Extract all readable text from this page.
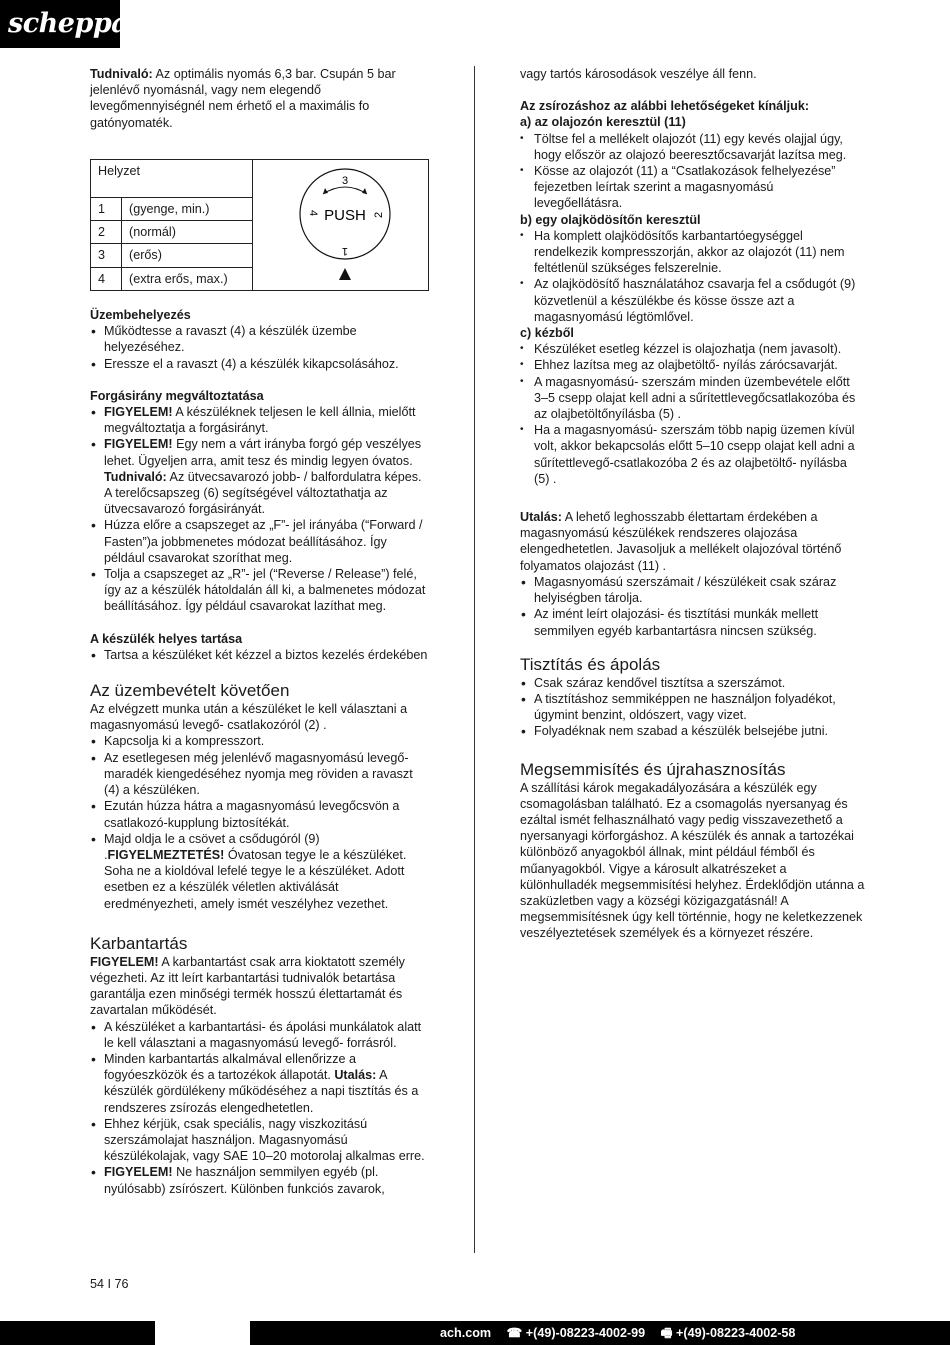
scheppach

Tudnivaló: Az optimális nyomás 6,3 bar. Csupán 5 bar jelenlévő nyomásnál, vagy nem elegendő levegőmennyiségnél nem érhető el a maximális fo gatónyomaték.

Helyzet		3
PUSH
4 2
1

1	(gyenge, min.)	
2	(normál)	
3	(erős)	
4	(extra erős, max.)	

Üzembehelyezés

• Működtesse a ravaszt (4) a készülék üzembe helyezéséhez.
• Eressze el a ravaszt (4) a készülék kikapcsolásához.

Forgásirány megváltoztatása

• FIGYELEM! A készüléknek teljesen le kell állnia, mielőtt megváltoztatja a forgásirányt.
• FIGYELEM! Egy nem a várt irányba forgó gép veszélyes lehet. Ügyeljen arra, amit tesz és mindig legyen óvatos. Tudnivaló: Az ütvecsavarozó jobb- / balfordulatra képes. A terelőcsapszeg (6) segítségével változtathatja az ütvecsavarozó forgásirányát.
• Húzza előre a csapszeget az „F”- jel irányába (“Forward / Fasten”)a jobbmenetes módozat beállításához. Így például csavarokat szoríthat meg.
• Tolja a csapszeget az „R”- jel (“Reverse / Release”) felé, így az a készülék hátoldalán áll ki, a balmenetes módozat beállításához. Így például csavarokat lazíthat meg.

A készülék helyes tartása

• Tartsa a készüléket két kézzel a biztos kezelés érdekében

Az üzembevételt követően

Az elvégzett munka után a készüléket le kell választani a magasnyomású levegő- csatlakozóról (2) .

• Kapcsolja ki a kompresszort.
• Az esetlegesen még jelenlévő magasnyomású levegő-maradék kiengedéséhez nyomja meg röviden a ravaszt (4) a készüléken.
• Ezután húzza hátra a magasnyomású levegőcsvön a csatlakozó-kupplung biztosítékát.
• Majd oldja le a csövet a csődugóról (9) .FIGYELMEZTETÉS! Óvatosan tegye le a készüléket. Soha ne a kioldóval lefelé tegye le a készüléket. Adott esetben ez a készülék véletlen aktiválását eredményezheti, amely ismét veszélyhez vezethet.

Karbantartás

FIGYELEM! A karbantartást csak arra kioktatott személy végezheti. Az itt leírt karbantartási tudnivalók betartása garantálja ezen minőségi termék hosszú élettartamát és zavartalan működését.

• A készüléket a karbantartási- és ápolási munkálatok alatt le kell választani a magasnyomású levegő- forrásról.
• Minden karbantartás alkalmával ellenőrizze a fogyóeszközök és a tartozékok állapotát. Utalás: A készülék gördülékeny működéséhez a napi tisztítás és a rendszeres zsírozás elengedhetetlen.
• Ehhez kérjük, csak speciális, nagy viszkozitású szerszámolajat használjon. Magasnyomású készülékolajak, vagy SAE 10–20 motorolaj alkalmas erre.
• FIGYELEM! Ne használjon semmilyen egyéb (pl. nyúlósabb) zsírószert. Különben funkciós zavarok,

vagy tartós károsodások veszélye áll fenn.

Az zsírozáshoz az alábbi lehetőségeket kínáljuk:

a) az olajozón keresztül (11)

• Töltse fel a mellékelt olajozót (11) egy kevés olajjal úgy, hogy először az olajozó beeresztőcsavarját lazítsa meg.
• Kösse az olajozót (11) a “Csatlakozások felhelyezése” fejezetben leírtak szerint a magasnyomású levegőellátásra.

b) egy olajködösítőn keresztül

• Ha komplett olajködösítős karbantartóegységgel rendelkezik kompresszorján, akkor az olajozót (11) nem feltétlenül szükséges felszerelnie.
• Az olajködösítő használatához csavarja fel a csődugót (9) közvetlenül a készülékbe és kösse össze azt a magasnyomású légtömlővel.

c) kézből

• Készüléket esetleg kézzel is olajozhatja (nem javasolt).
• Ehhez lazítsa meg az olajbetöltő- nyílás zárócsavarját.
• A magasnyomású- szerszám minden üzembevétele előtt 3–5 csepp olajat kell adni a sűrítettlevegőcsatlakozóba és az olajbetöltőnyílásba (5) .
• Ha a magasnyomású- szerszám több napig üzemen kívül volt, akkor bekapcsolás előtt 5–10 csepp olajat kell adni a sűrítettlevegő-csatlakozóba 2 és az olajbetöltő- nyílásba (5) .

Utalás: A lehető leghosszabb élettartam érdekében a magasnyomású készülékek rendszeres olajozása elengedhetetlen. Javasoljuk a mellékelt olajozóval történő folyamatos olajozást (11) .

• Magasnyomású szerszámait / készülékeit csak száraz helyiségben tárolja.
• Az imént leírt olajozási- és tisztítási munkák mellett semmilyen egyéb karbantartásra nincsen szükség.

Tisztítás és ápolás

• Csak száraz kendővel tisztítsa a szerszámot.
• A tisztításhoz semmiképpen ne használjon folyadékot, úgymint benzint, oldószert, vagy vizet.
• Folyadéknak nem szabad a készülék belsejébe jutni.

Megsemmisítés és újrahasznosítás

A szállítási károk megakadályozására a készülék egy csomagolásban található. Ez a csomagolás nyersanyag és ezáltal ismét felhasználható vagy pedig visszavezethető a nyersanyagi körforgáshoz. A készülék és annak a tartozékai különböző anyagokból állnak, mint például fémből és műanyagokból. Vigye a károsult alkatrészeket a különhulladék megsemmisítési helyhez. Érdeklődjön utánna a szaküzletben vagy a községi közigazgatásnál! A megsemmisítésnek úgy kell történnie, hogy ne keletkezzenek veszélyeztetések személyek és a környezet részére.

54 I 76
ach.com ☎ +(49)-08223-4002-99 🖷 +(49)-08223-4002-58
